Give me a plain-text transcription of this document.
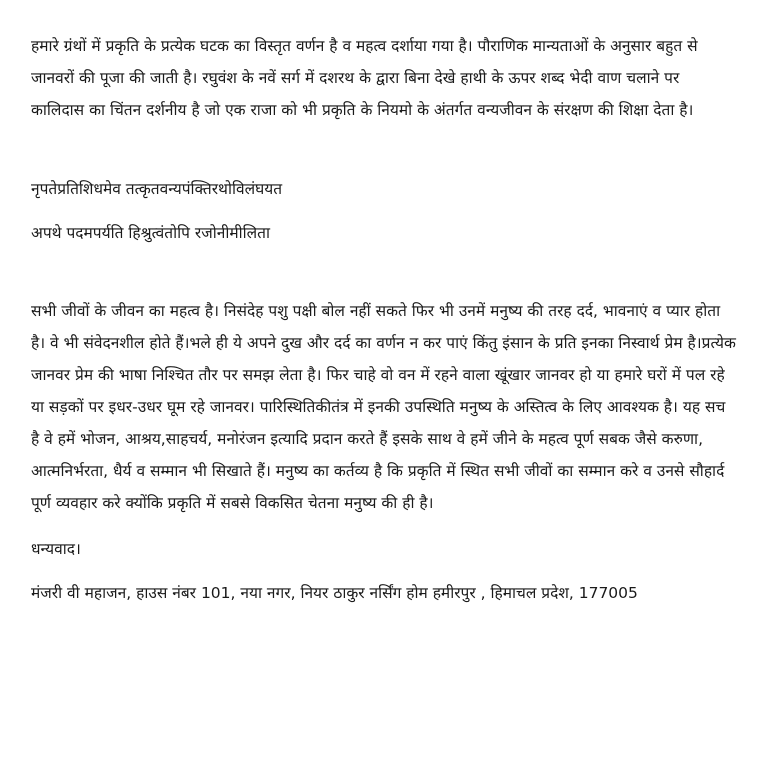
हमारे ग्रंथों में प्रकृति के प्रत्येक घटक का विस्तृत वर्णन है व महत्व दर्शाया गया है। पौराणिक मान्यताओं के अनुसार बहुत से जानवरों की पूजा की जाती है। रघुवंश के नवें सर्ग में दशरथ के द्वारा बिना देखे हाथी के ऊपर शब्द भेदी वाण चलाने पर कालिदास का चिंतन दर्शनीय है जो एक राजा को भी प्रकृति के नियमो के अंतर्गत वन्यजीवन के संरक्षण की शिक्षा देता है।

नृपतेप्रतिशिधमेव तत्कृतवन्यपंक्तिरथोविलंघयत

अपथे पदमपर्यति हिश्रुत्वंतोपि रजोनीमीलिता

सभी जीवों के जीवन का महत्व है। निसंदेह पशु पक्षी बोल नहीं सकते फिर भी उनमें मनुष्य की तरह दर्द, भावनाएं व प्यार होता है। वे भी संवेदनशील होते हैं।भले ही ये अपने दुख और दर्द का वर्णन न कर पाएं किंतु इंसान के प्रति इनका निस्वार्थ प्रेम है।प्रत्येक जानवर प्रेम की भाषा निश्चित तौर पर समझ लेता है। फिर चाहे वो वन में रहने वाला खूंखार जानवर हो या हमारे घरों में पल रहे या सड़कों पर इधर-उधर घूम रहे जानवर। पारिस्थितिकीतंत्र में इनकी उपस्थिति मनुष्य के अस्तित्व के लिए आवश्यक है। यह सच है वे हमें भोजन, आश्रय,साहचर्य, मनोरंजन इत्यादि प्रदान करते हैं इसके साथ वे हमें जीने के महत्व पूर्ण सबक जैसे करुणा, आत्मनिर्भरता, धैर्य व सम्मान भी सिखाते हैं। मनुष्य का कर्तव्य है कि प्रकृति में स्थित सभी जीवों का सम्मान करे व उनसे सौहार्द पूर्ण व्यवहार करे क्योंकि प्रकृति में सबसे विकसित चेतना मनुष्य की ही है।

धन्यवाद।

मंजरी वी महाजन, हाउस नंबर 101, नया नगर, नियर ठाकुर नर्सिंग होम हमीरपुर , हिमाचल प्रदेश, 177005
